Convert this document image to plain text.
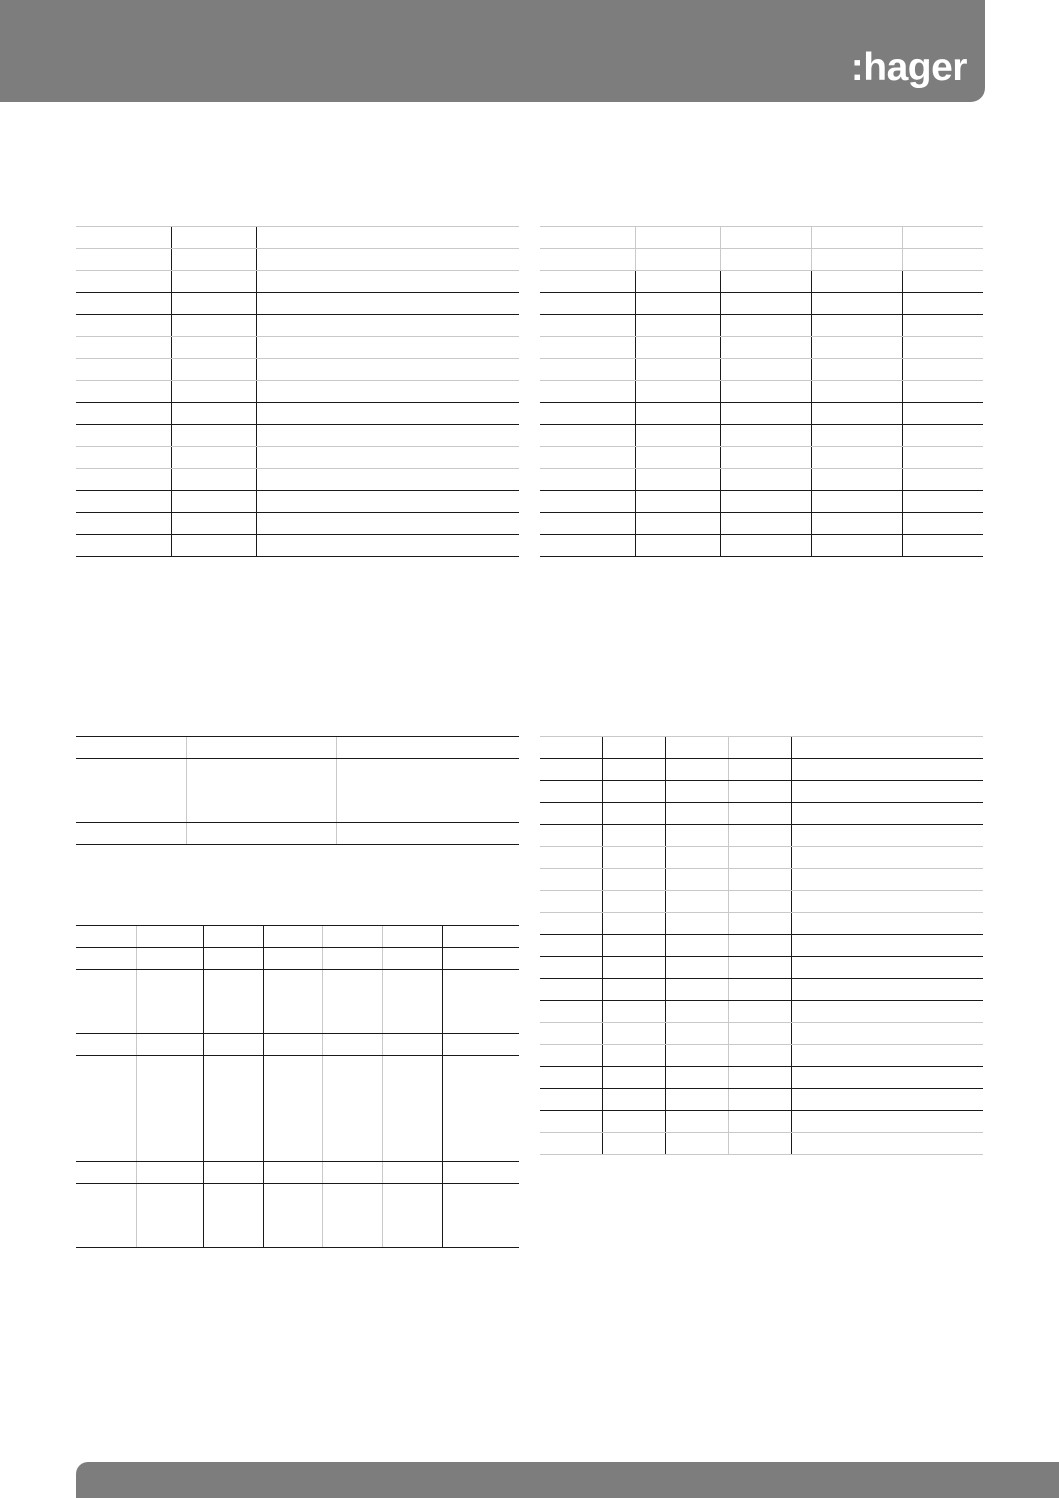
:hager
